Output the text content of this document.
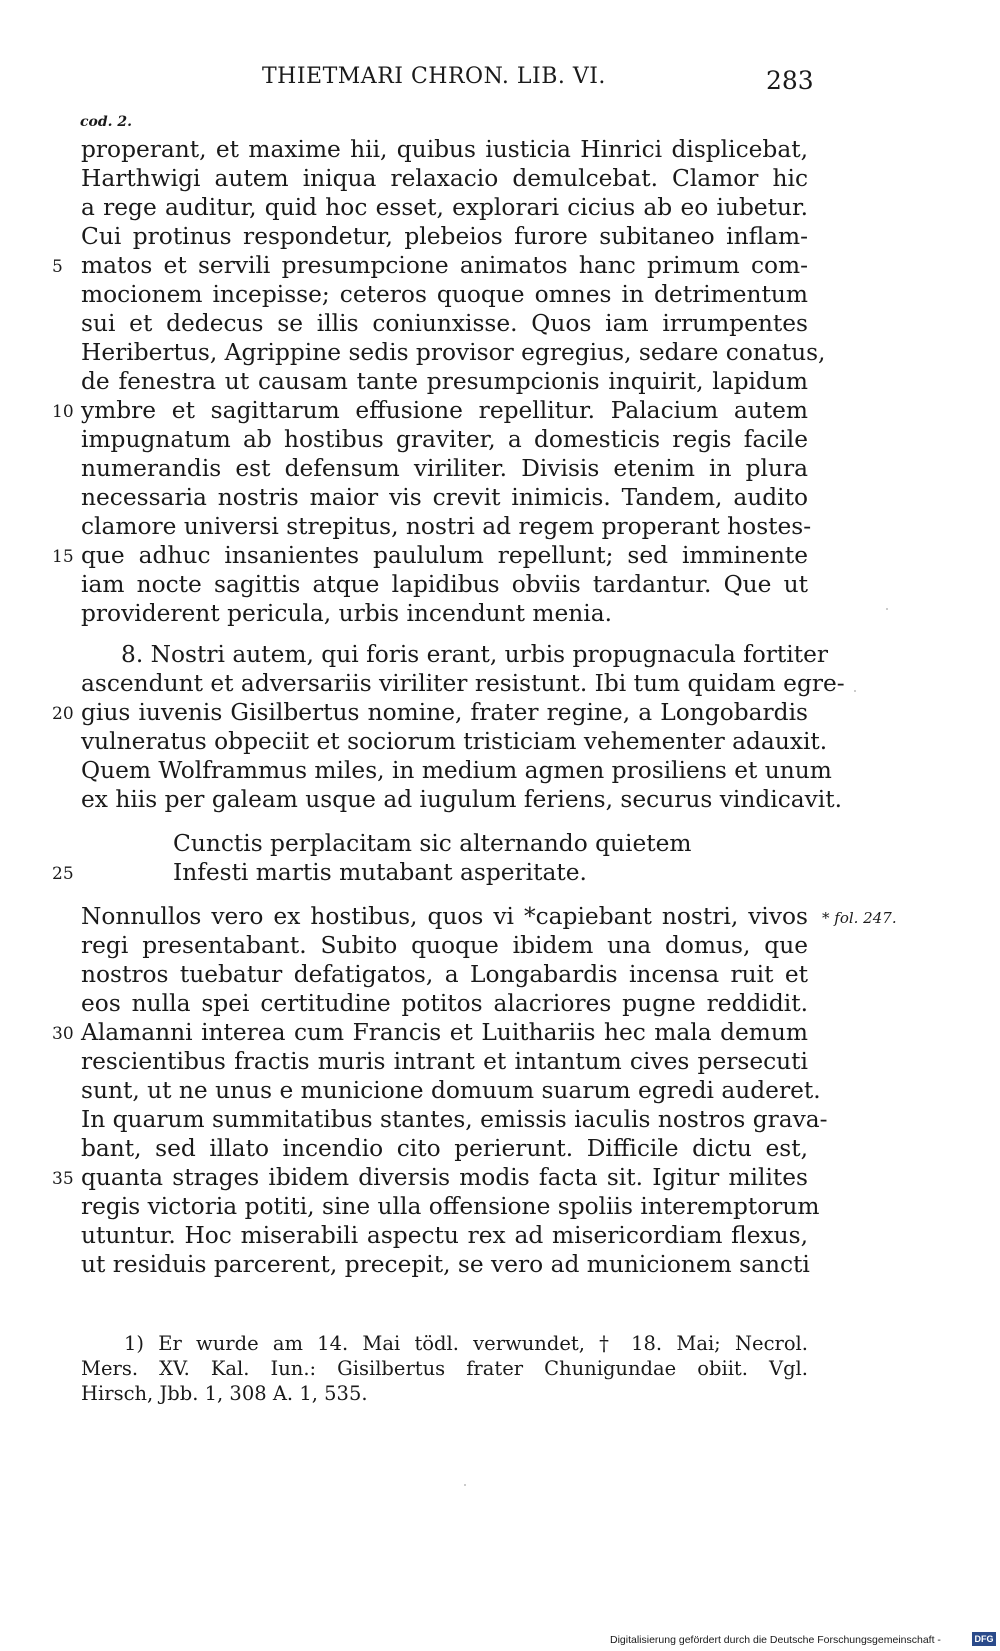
THIETMARI CHRON. LIB. VI.	283
cod. 2.
properant, et maxime hii, quibus iusticia Hinrici displicebat,
Harthwigi autem iniqua relaxacio demulcebat. Clamor hic
a rege auditur, quid hoc esset, explorari cicius ab eo iubetur.
Cui protinus respondetur, plebeios furore subitaneo inflam-
matos et servili presumpcione animatos hanc primum com-
mocionem incepisse; ceteros quoque omnes in detrimentum
sui et dedecus se illis coniunxisse. Quos iam irrumpentes
Heribertus, Agrippine sedis provisor egregius, sedare conatus,
de fenestra ut causam tante presumpcionis inquirit, lapidum
ymbre et sagittarum effusione repellitur. Palacium autem
impugnatum ab hostibus graviter, a domesticis regis facile
numerandis est defensum viriliter. Divisis etenim in plura
necessaria nostris maior vis crevit inimicis. Tandem, audito
clamore universi strepitus, nostri ad regem properant hostes-
que adhuc insanientes paululum repellunt; sed imminente
iam nocte sagittis atque lapidibus obviis tardantur. Que ut
providerent pericula, urbis incendunt menia.
8. Nostri autem, qui foris erant, urbis propugnacula fortiter
ascendunt et adversariis viriliter resistunt. Ibi tum quidam egre-
gius iuvenis Gisilbertus nomine, frater regine, a Longobardis
vulneratus obpeciit et sociorum tristiciam vehementer adauxit.
Quem Wolframmus miles, in medium agmen prosiliens et unum
ex hiis per galeam usque ad iugulum feriens, securus vindicavit.
Cunctis perplacitam sic alternando quietem
Infesti martis mutabant asperitate.
Nonnullos vero ex hostibus, quos vi *capiebant nostri, vivos
regi presentabant. Subito quoque ibidem una domus, que
nostros tuebatur defatigatos, a Longabardis incensa ruit et
eos nulla spei certitudine potitos alacriores pugne reddidit.
Alamanni interea cum Francis et Luithariis hec mala demum
rescientibus fractis muris intrant et intantum cives persecuti
sunt, ut ne unus e municione domuum suarum egredi auderet.
In quarum summitatibus stantes, emissis iaculis nostros grava-
bant, sed illato incendio cito perierunt. Difficile dictu est,
quanta strages ibidem diversis modis facta sit. Igitur milites
regis victoria potiti, sine ulla offensione spoliis interemptorum
utuntur. Hoc miserabili aspectu rex ad misericordiam flexus,
ut residuis parcerent, precepit, se vero ad municionem sancti
5
10
15
20
25
30
35
* fol. 247.
1) Er wurde am 14. Mai tödl. verwundet, † 18. Mai; Necrol.
Mers. XV. Kal. Iun.: Gisilbertus frater Chunigundae obiit. Vgl.
Hirsch, Jbb. 1, 308 A. 1, 535.
Digitalisierung gefördert durch die Deutsche Forschungsgemeinschaft -	DFG
